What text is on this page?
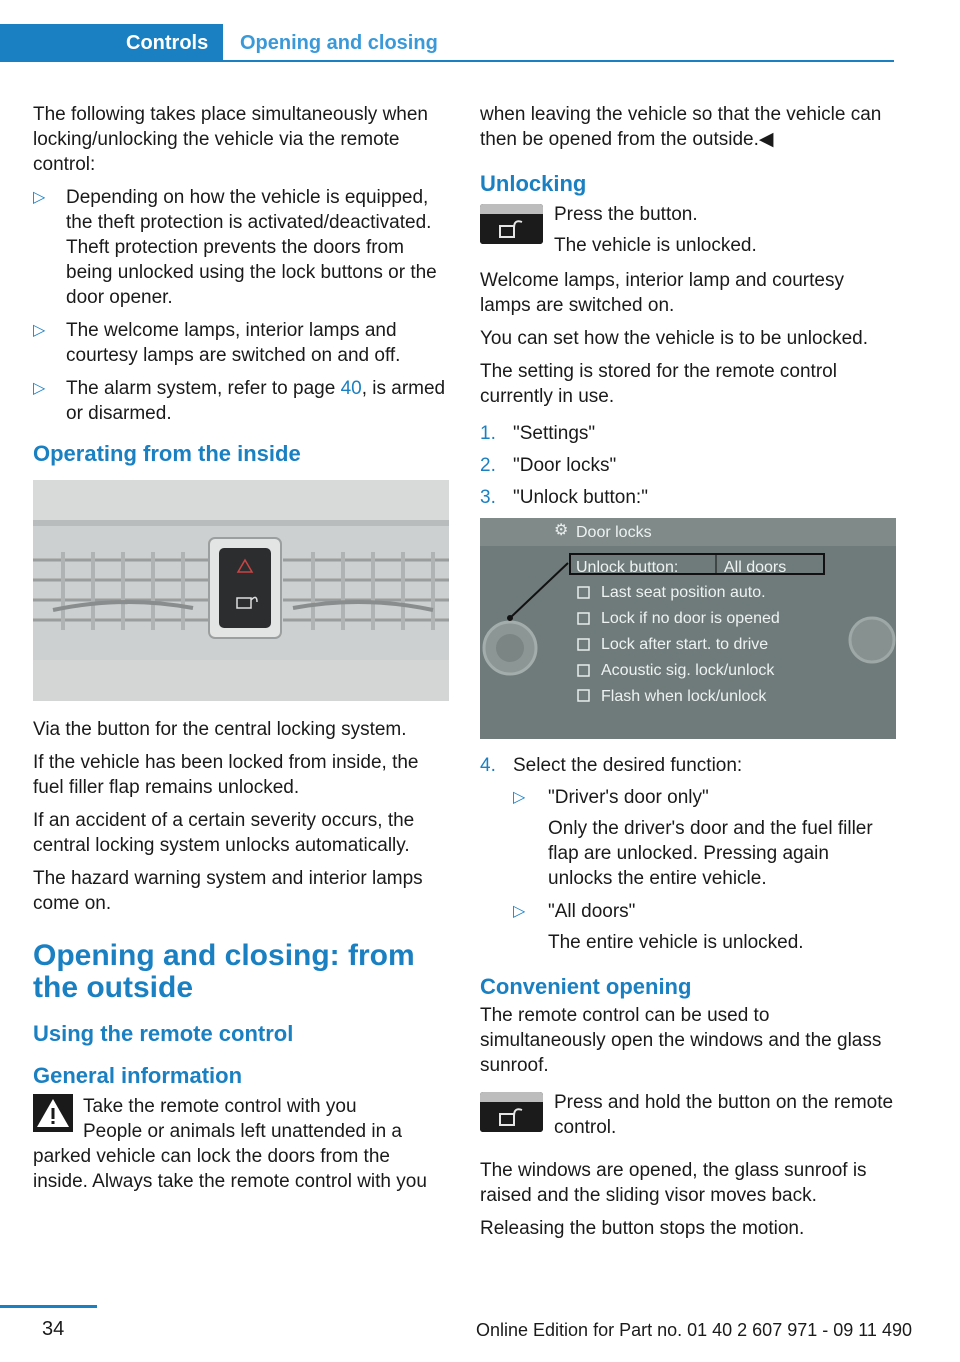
Controls	Opening and closing

The following takes place simultaneously when locking/unlocking the vehicle via the remote control:

▷ Depending on how the vehicle is equipped, the theft protection is activated/deactivated. Theft protection prevents the doors from being unlocked using the lock buttons or the door opener.
▷ The welcome lamps, interior lamps and courtesy lamps are switched on and off.
▷ The alarm system, refer to page 40, is armed or disarmed.
Operating from the inside

Via the button for the central locking system.

If the vehicle has been locked from inside, the fuel filler flap remains unlocked.

If an accident of a certain severity occurs, the central locking system unlocks automatically.

The hazard warning system and interior lamps come on.

Opening and closing: from the outside
Using the remote control
General information
Take the remote control with you
People or animals left unattended in a parked vehicle can lock the doors from the inside. Always take the remote control with you

when leaving the vehicle so that the vehicle can then be opened from the outside.◀

Unlocking

Press the button.

The vehicle is unlocked.

Welcome lamps, interior lamp and courtesy lamps are switched on.

You can set how the vehicle is to be unlocked.

The setting is stored for the remote control currently in use.

1. "Settings"
2. "Door locks"
3. "Unlock button:"
⚙ Door locks
Unlock button:	All doors
Last seat position auto.
Lock if no door is opened
Lock after start. to drive
Acoustic sig. lock/unlock
Flash when lock/unlock
4. Select the desired function:
▷ "Driver's door only"
Only the driver's door and the fuel filler flap are unlocked. Pressing again unlocks the entire vehicle.
▷ "All doors"
The entire vehicle is unlocked.
Convenient opening

The remote control can be used to simultaneously open the windows and the glass sunroof.

Press and hold the button on the remote control.

The windows are opened, the glass sunroof is raised and the sliding visor moves back.

Releasing the button stops the motion.

34	Online Edition for Part no. 01 40 2 607 971 - 09 11 490
